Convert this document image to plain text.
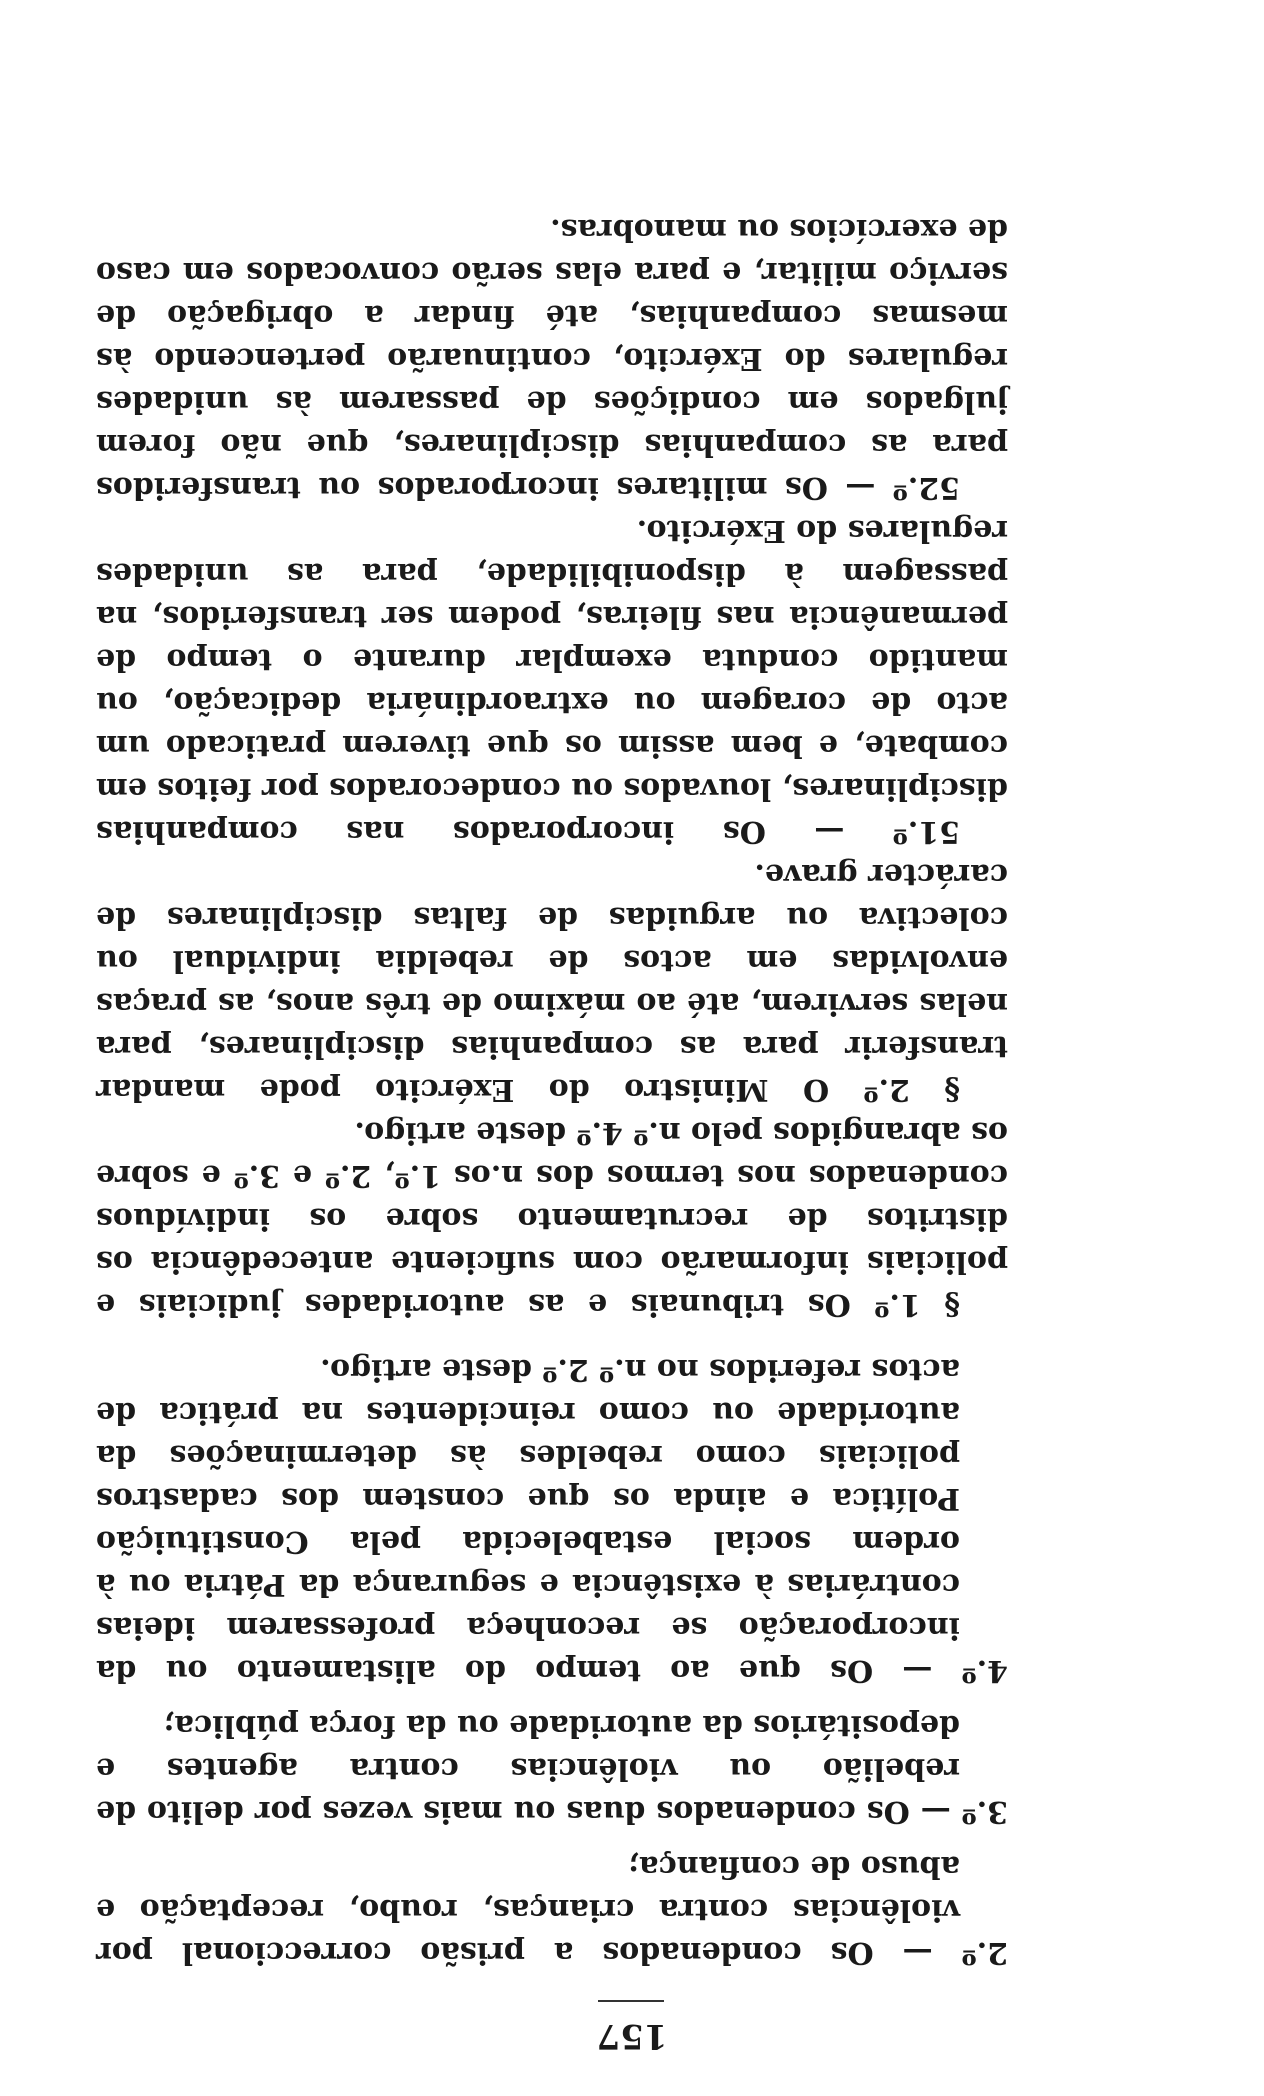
157

2.º — Os condenados a prisão correccional por violências contra crianças, roubo, receptação e abuso de confiança;

3.º — Os condenados duas ou mais vezes por delito de rebelião ou violências contra agentes e depositários da autoridade ou da força pública;

4.º — Os que ao tempo do alistamento ou da incorporação se reconheça professarem ideias contrárias à existência e segurança da Pátria ou à ordem social estabelecida pela Constituição Política e ainda os que constem dos cadastros policiais como rebeldes às determinações da autoridade ou como reincidentes na prática de actos referidos no n.º 2.º deste artigo.

§ 1.º Os tribunais e as autoridades judiciais e policiais informarão com suficiente antecedência os distritos de recrutamento sobre os indivíduos condenados nos termos dos n.os 1.º, 2.º e 3.º e sobre os abrangidos pelo n.º 4.º deste artigo.

§ 2.º O Ministro do Exército pode mandar transferir para as companhias disciplinares, para nelas servirem, até ao máximo de três anos, as praças envolvidas em actos de rebeldia individual ou colectiva ou arguidas de faltas disciplinares de carácter grave.

51.º — Os incorporados nas companhias disciplinares, louvados ou condecorados por feitos em combate, e bem assim os que tiverem praticado um acto de coragem ou extraordinária dedicação, ou mantido conduta exemplar durante o tempo de permanência nas fileiras, podem ser transferidos, na passagem à disponibilidade, para as unidades regulares do Exército.

52.º — Os militares incorporados ou transferidos para as companhias disciplinares, que não forem julgados em condições de passarem às unidades regulares do Exército, continuarão pertencendo às mesmas companhias, até findar a obrigação de serviço militar, e para elas serão convocados em caso de exercícios ou manobras.
